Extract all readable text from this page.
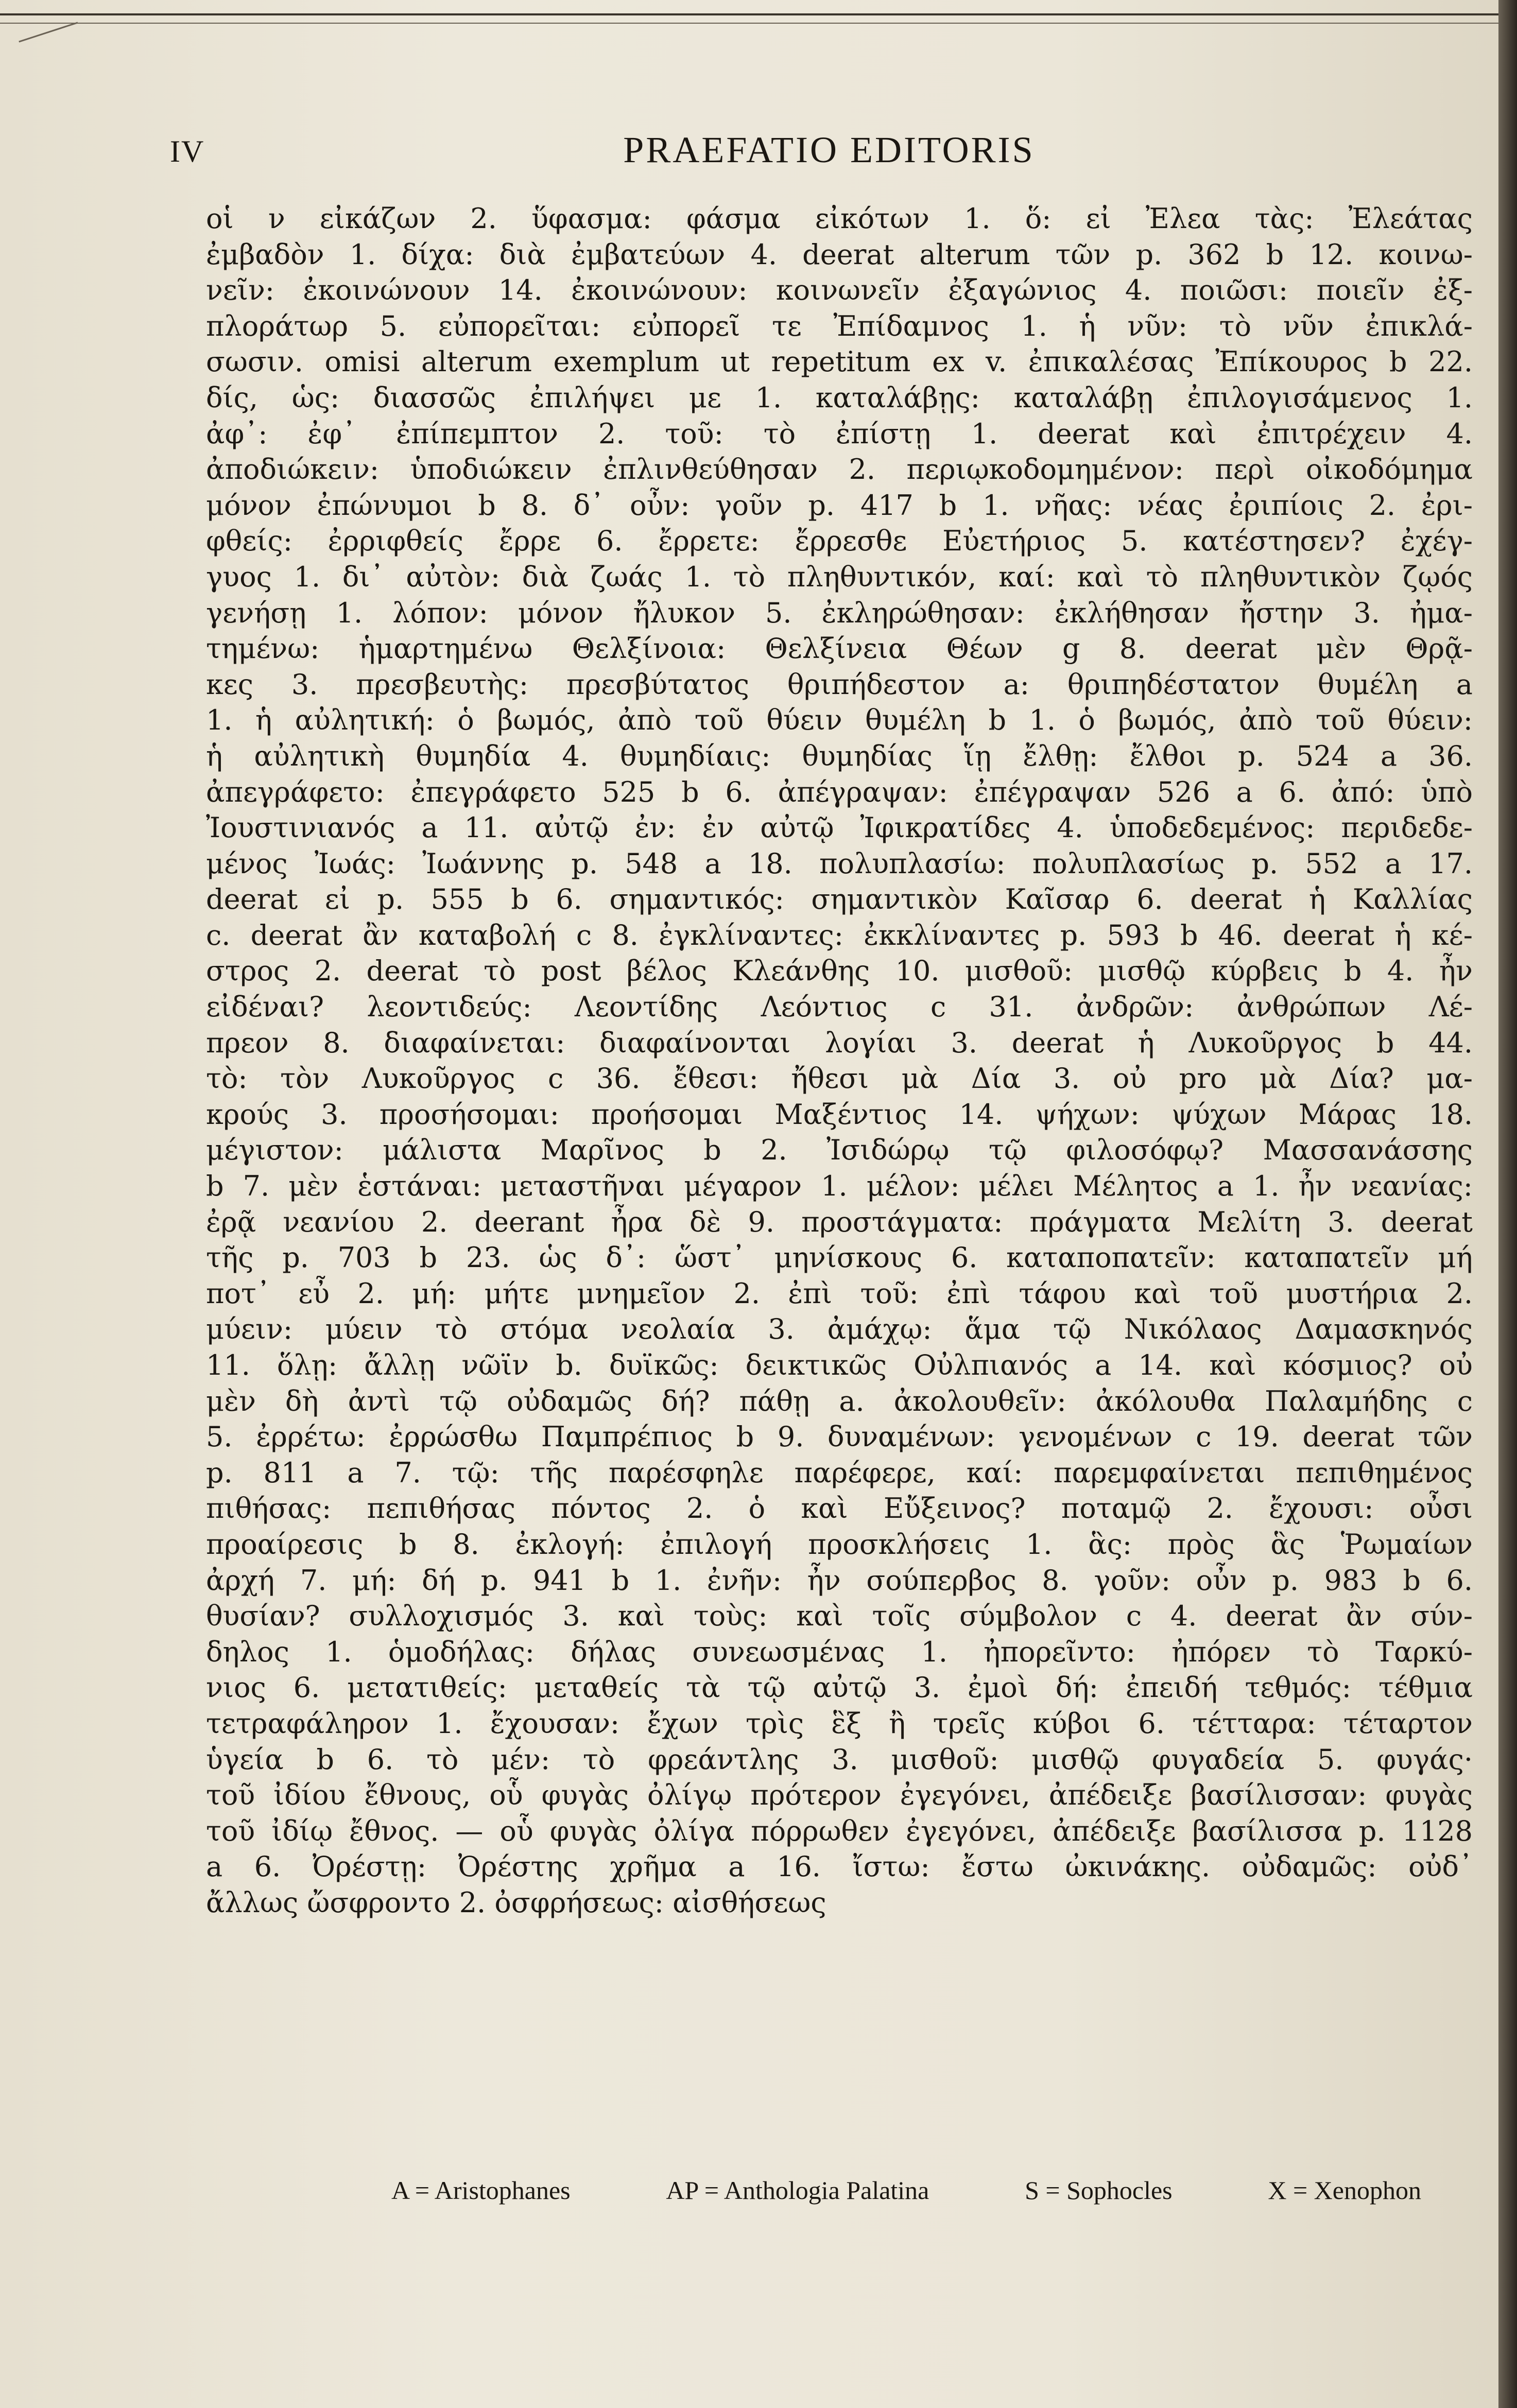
IV	PRAEFATIO EDITORIS
οἱ ν εἰκάζων 2. ὕφασμα: φάσμα εἰκότων 1. ὅ: εἰ Ἐλεα τὰς: Ἐλεάτας
ἐμβαδὸν 1. δίχα: διὰ ἐμβατεύων 4. deerat alterum τῶν p. 362 b 12. κοινω-
νεῖν: ἐκοινώνουν 14. ἐκοινώνουν: κοινωνεῖν ἐξαγώνιος 4. ποιῶσι: ποιεῖν ἐξ-
πλοράτωρ 5. εὐπορεῖται: εὐπορεῖ τε Ἐπίδαμνος 1. ἡ νῦν: τὸ νῦν ἐπικλά-
σωσιν. omisi alterum exemplum ut repetitum ex v. ἐπικαλέσας Ἐπίκουρος b 22.
δίς, ὡς: διασσῶς ἐπιλήψει με 1. καταλάβῃς: καταλάβῃ ἐπιλογισάμενος 1.
ἀφ᾽: ἐφ᾽ ἐπίπεμπτον 2. τοῦ: τὸ ἐπίστῃ 1. deerat καὶ ἐπιτρέχειν 4.
ἀποδιώκειν: ὑποδιώκειν ἐπλινθεύθησαν 2. περιῳκοδομημένον: περὶ οἰκοδόμημα
μόνον ἐπώνυμοι b 8. δ᾽ οὖν: γοῦν p. 417 b 1. νῆας: νέας ἐριπίοις 2. ἐρι-
φθείς: ἐρριφθείς ἔρρε 6. ἔρρετε: ἔρρεσθε Εὐετήριος 5. κατέστησεν? ἐχέγ-
γυος 1. δι᾽ αὐτὸν: διὰ ζωάς 1. τὸ πληθυντικόν, καί: καὶ τὸ πληθυντικὸν ζῳός
γενήσῃ 1. λόπον: μόνον ἤλυκον 5. ἐκληρώθησαν: ἐκλήθησαν ἤστην 3. ἠμα-
τημένω: ἡμαρτημένω Θελξίνοια: Θελξίνεια Θέων g 8. deerat μὲν Θρᾷ-
κες 3. πρεσβευτὴς: πρεσβύτατος θριπήδεστον a: θριπηδέστατον θυμέλη a
1. ἡ αὐλητική: ὁ βωμός, ἀπὸ τοῦ θύειν θυμέλη b 1. ὁ βωμός, ἀπὸ τοῦ θύειν:
ἡ αὐλητικὴ θυμηδία 4. θυμηδίαις: θυμηδίας ἵῃ ἔλθῃ: ἔλθοι p. 524 a 36.
ἀπεγράφετο: ἐπεγράφετο 525 b 6. ἀπέγραψαν: ἐπέγραψαν 526 a 6. ἀπό: ὑπὸ
Ἰουστινιανός a 11. αὐτῷ ἐν: ἐν αὐτῷ Ἰφικρατίδες 4. ὑποδεδεμένος: περιδεδε-
μένος Ἰωάς: Ἰωάννης p. 548 a 18. πολυπλασίω: πολυπλασίως p. 552 a 17.
deerat εἰ p. 555 b 6. σημαντικός: σημαντικὸν Καῖσαρ 6. deerat ἡ Καλλίας
c. deerat ἂν καταβολή c 8. ἐγκλίναντες: ἐκκλίναντες p. 593 b 46. deerat ἡ κέ-
στρος 2. deerat τὸ post βέλος Κλεάνθης 10. μισθοῦ: μισθῷ κύρβεις b 4. ἦν
εἰδέναι? λεοντιδεύς: Λεοντίδης Λεόντιος c 31. ἀνδρῶν: ἀνθρώπων Λέ-
πρεον 8. διαφαίνεται: διαφαίνονται λογίαι 3. deerat ἡ Λυκοῦργος b 44.
τὸ: τὸν Λυκοῦργος c 36. ἔθεσι: ἤθεσι μὰ Δία 3. οὐ pro μὰ Δία? μα-
κρούς 3. προσήσομαι: προήσομαι Μαξέντιος 14. ψήχων: ψύχων Μάρας 18.
μέγιστον: μάλιστα Μαρῖνος b 2. Ἰσιδώρῳ τῷ φιλοσόφῳ? Μασσανάσσης
b 7. μὲν ἑστάναι: μεταστῆναι μέγαρον 1. μέλον: μέλει Μέλητος a 1. ἦν νεανίας:
ἐρᾷ νεανίου 2. deerant ἦρα δὲ 9. προστάγματα: πράγματα Μελίτη 3. deerat
τῆς p. 703 b 23. ὡς δ᾽: ὥστ᾽ μηνίσκους 6. καταποπατεῖν: καταπατεῖν μή
ποτ᾽ εὖ 2. μή: μήτε μνημεῖον 2. ἐπὶ τοῦ: ἐπὶ τάφου καὶ τοῦ μυστήρια 2.
μύειν: μύειν τὸ στόμα νεολαία 3. ἀμάχῳ: ἅμα τῷ Νικόλαος Δαμασκηνός
11. ὅλῃ: ἄλλῃ νῶϊν b. δυϊκῶς: δεικτικῶς Οὐλπιανός a 14. καὶ κόσμιος? οὐ
μὲν δὴ ἀντὶ τῷ οὐδαμῶς δή? πάθῃ a. ἀκολουθεῖν: ἀκόλουθα Παλαμήδης c
5. ἐρρέτω: ἐρρώσθω Παμπρέπιος b 9. δυναμένων: γενομένων c 19. deerat τῶν
p. 811 a 7. τῷ: τῆς παρέσφηλε παρέφερε, καί: παρεμφαίνεται πεπιθημένος
πιθήσας: πεπιθήσας πόντος 2. ὁ καὶ Εὔξεινος? ποταμῷ 2. ἔχουσι: οὖσι
προαίρεσις b 8. ἐκλογή: ἐπιλογή προσκλήσεις 1. ἃς: πρὸς ἃς Ῥωμαίων
ἀρχή 7. μή: δή p. 941 b 1. ἐνῆν: ἦν σούπερβος 8. γοῦν: οὖν p. 983 b 6.
θυσίαν? συλλοχισμός 3. καὶ τοὺς: καὶ τοῖς σύμβολον c 4. deerat ἂν σύν-
δηλος 1. ὁμοδήλας: δήλας συνεωσμένας 1. ἠπορεῖντο: ἠπόρεν τὸ Ταρκύ-
νιος 6. μετατιθείς: μεταθείς τὰ τῷ αὐτῷ 3. ἐμοὶ δή: ἐπειδή τεθμός: τέθμια
τετραφάληρον 1. ἔχουσαν: ἔχων τρὶς ἓξ ἢ τρεῖς κύβοι 6. τέτταρα: τέταρτον
ὑγεία b 6. τὸ μέν: τὸ φρεάντλης 3. μισθοῦ: μισθῷ φυγαδεία 5. φυγάς·
τοῦ ἰδίου ἔθνους, οὗ φυγὰς ὀλίγῳ πρότερον ἐγεγόνει, ἀπέδειξε βασίλισσαν: φυγὰς
τοῦ ἰδίῳ ἔθνος. — οὗ φυγὰς ὀλίγα πόρρωθεν ἐγεγόνει, ἀπέδειξε βασίλισσα p. 1128
a 6. Ὀρέστῃ: Ὀρέστης χρῆμα a 16. ἴστω: ἔστω ὠκινάκης. οὐδαμῶς: οὐδ᾽
ἄλλως ὤσφροντο 2. ὀσφρήσεως: αἰσθήσεως
A = Aristophanes	AP = Anthologia Palatina	S = Sophocles	X = Xenophon
